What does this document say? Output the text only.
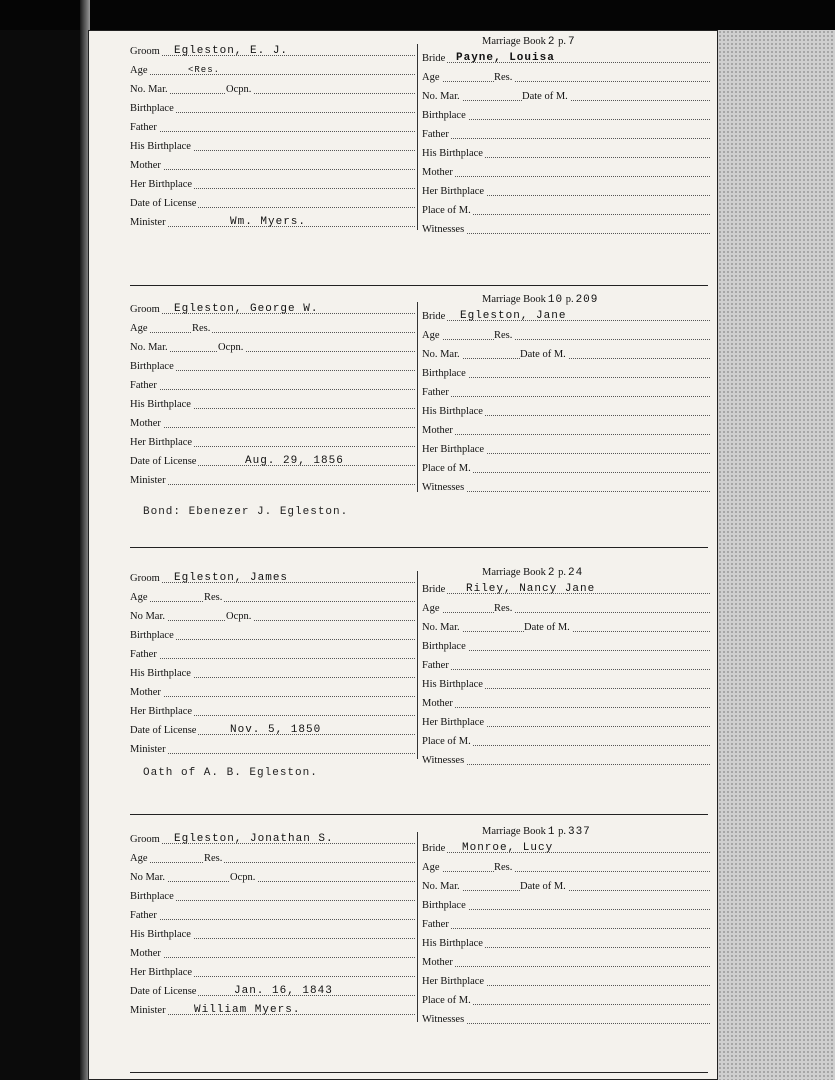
Groom Egleston, E. J.
Age	<Res.
No. Mar.	Ocpn.
Birthplace
Father
His Birthplace
Mother
Her Birthplace
Date of License
Minister	Wm. Myers.
Marriage Book 2 p. 7
Bride Payne, Louisa
Age	Res.
No. Mar.	Date of M.
Birthplace
Father
His Birthplace
Mother
Her Birthplace
Place of M.
Witnesses
Groom Egleston, George W.
Age	Res.
No. Mar.	Ocpn.
Birthplace
Father
His Birthplace
Mother
Her Birthplace
Date of License	Aug. 29, 1856
Minister
Marriage Book 10 p. 209
Bride Egleston, Jane
Age	Res.
No. Mar.	Date of M.
Birthplace
Father
His Birthplace
Mother
Her Birthplace
Place of M.
Witnesses
Bond: Ebenezer J. Egleston.
Groom Egleston, James
Age	Res.
No Mar.	Ocpn.
Birthplace
Father
His Birthplace
Mother
Her Birthplace
Date of License	Nov. 5, 1850
Minister
Marriage Book 2 p. 24
Bride Riley, Nancy Jane
Age	Res.
No. Mar.	Date of M.
Birthplace
Father
His Birthplace
Mother
Her Birthplace
Place of M.
Witnesses
Oath of A. B. Egleston.
Groom Egleston, Jonathan S.
Age	Res.
No Mar.	Ocpn.
Birthplace
Father
His Birthplace
Mother
Her Birthplace
Date of License	Jan. 16, 1843
Minister	William Myers.
Marriage Book 1 p. 337
Bride Monroe, Lucy
Age	Res.
No. Mar.	Date of M.
Birthplace
Father
His Birthplace
Mother
Her Birthplace
Place of M.
Witnesses
